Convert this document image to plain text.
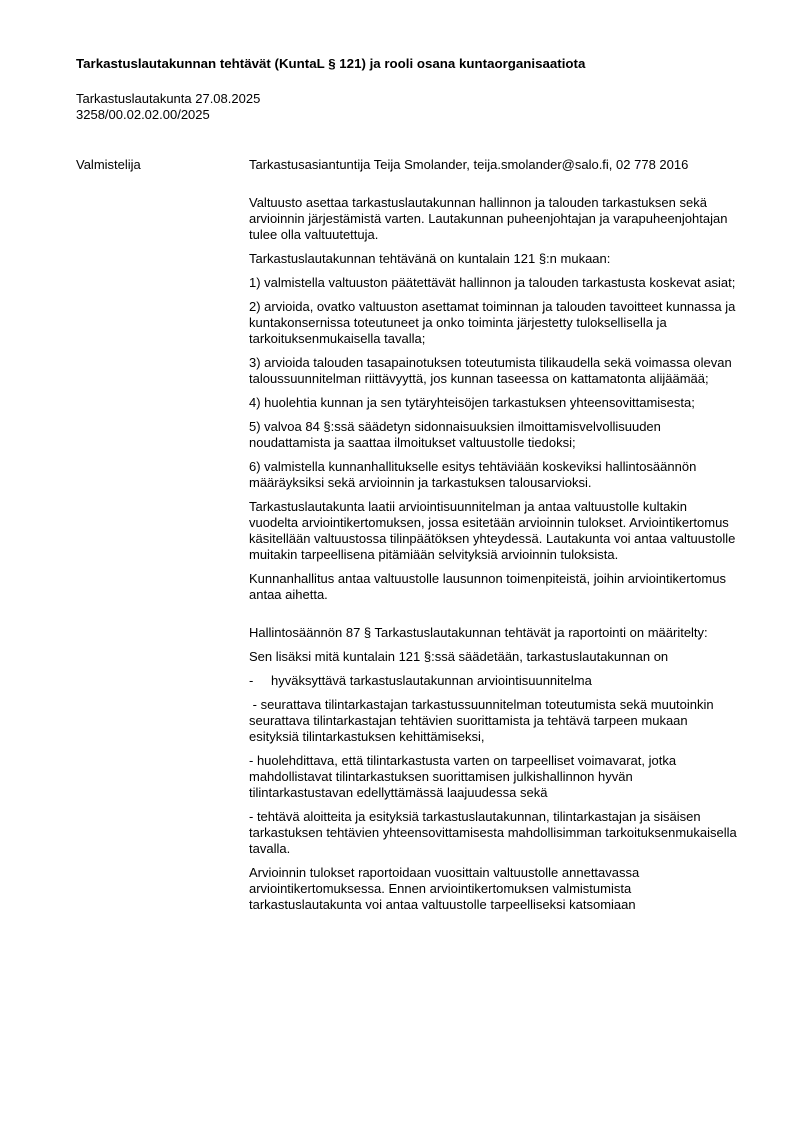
Tarkastuslautakunnan tehtävät (KuntaL § 121) ja rooli osana kuntaorganisaatiota
Tarkastuslautakunta 27.08.2025
3258/00.02.02.00/2025
Valmistelija	Tarkastusasiantuntija Teija Smolander, teija.smolander@salo.fi, 02 778 2016

Valtuusto asettaa tarkastuslautakunnan hallinnon ja talouden tarkastuksen sekä arvioinnin järjestämistä varten. Lautakunnan puheenjohtajan ja varapuheenjohtajan tulee olla valtuutettuja.

Tarkastuslautakunnan tehtävänä on kuntalain 121 §:n mukaan:

1) valmistella valtuuston päätettävät hallinnon ja talouden tarkastusta koskevat asiat;

2) arvioida, ovatko valtuuston asettamat toiminnan ja talouden tavoitteet kunnassa ja kuntakonsernissa toteutuneet ja onko toiminta järjestetty tuloksellisella ja tarkoituksenmukaisella tavalla;

3) arvioida talouden tasapainotuksen toteutumista tilikaudella sekä voimassa olevan taloussuunnitelman riittävyyttä, jos kunnan taseessa on kattamatonta alijäämää;

4) huolehtia kunnan ja sen tytäryhteisöjen tarkastuksen yhteensovittamisesta;

5) valvoa 84 §:ssä säädetyn sidonnaisuuksien ilmoittamisvelvollisuuden noudattamista ja saattaa ilmoitukset valtuustolle tiedoksi;

6) valmistella kunnanhallitukselle esitys tehtäviään koskeviksi hallintosäännön määräyksiksi sekä arvioinnin ja tarkastuksen talousarvioksi.

Tarkastuslautakunta laatii arviointisuunnitelman ja antaa valtuustolle kultakin vuodelta arviointikertomuksen, jossa esitetään arvioinnin tulokset. Arviointikertomus käsitellään valtuustossa tilinpäätöksen yhteydessä. Lautakunta voi antaa valtuustolle muitakin tarpeellisena pitämiään selvityksiä arvioinnin tuloksista.

Kunnanhallitus antaa valtuustolle lausunnon toimenpiteistä, joihin arviointikertomus antaa aihetta.

Hallintosäännön 87 § Tarkastuslautakunnan tehtävät ja raportointi on määritelty:

Sen lisäksi mitä kuntalain 121 §:ssä säädetään, tarkastuslautakunnan on

- hyväksyttävä tarkastuslautakunnan arviointisuunnitelma

- seurattava tilintarkastajan tarkastussuunnitelman toteutumista sekä muutoinkin seurattava tilintarkastajan tehtävien suorittamista ja tehtävä tarpeen mukaan esityksiä tilintarkastuksen kehittämiseksi,

- huolehdittava, että tilintarkastusta varten on tarpeelliset voimavarat, jotka mahdollistavat tilintarkastuksen suorittamisen julkishallinnon hyvän tilintarkastustavan edellyttämässä laajuudessa sekä

- tehtävä aloitteita ja esityksiä tarkastuslautakunnan, tilintarkastajan ja sisäisen tarkastuksen tehtävien yhteensovittamisesta mahdollisimman tarkoituksenmukaisella tavalla.

Arvioinnin tulokset raportoidaan vuosittain valtuustolle annettavassa arviointikertomuksessa. Ennen arviointikertomuksen valmistumista tarkastuslautakunta voi antaa valtuustolle tarpeelliseksi katsomiaan
